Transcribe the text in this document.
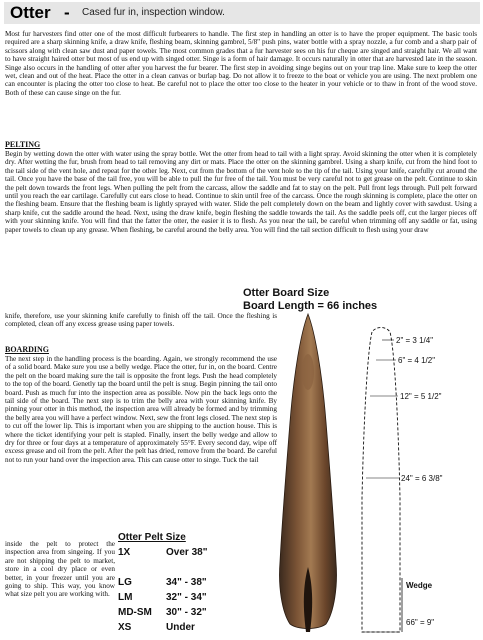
Otter - Cased fur in, inspection window.

Most fur harvesters find otter one of the most difficult furbearers to handle. The first step in handling an otter is to have the proper equipment. The basic tools required are a sharp skinning knife, a draw knife, fleshing beam, skinning gambrel, 5/8" push pins, water bottle with a spray nozzle, a fur comb and a sharp pair of scissors along with clean saw dust and paper towels. The most common grades that a fur harvester sees on his fur cheque are singed and straight hair. We all want to have straight haired otter but most of us end up with singed otter. Singe is a form of hair damage. It occurs naturally in otter that are harvested late in the season. Singe also occurs in the handling of otter after you harvest the fur bearer. The first step in avoiding singe begins out on your trap line. Make sure to keep the otter wet, clean and out of the heat. Place the otter in a clean canvas or burlap bag. Do not allow it to freeze to the boat or vehicle you are using. The next problem one can encounter is placing the otter too close to heat. Be careful not to place the otter too close to the heater in your vehicle or to thaw in front of the wood stove. Both of these can cause singe on the fur.

PELTING

Begin by wetting down the otter with water using the spray bottle. Wet the otter from head to tail with a light spray. Avoid skinning the otter when it is completely dry. After wetting the fur, brush from head to tail removing any dirt or mats. Place the otter on the skinning gambrel. Using a sharp knife, cut from the hind foot to the tail side of the vent hole, and repeat for the other leg. Next, cut from the bottom of the vent hole to the tip of the tail. Using your knife, carefully cut around the tail. Once you have the base of the tail free, you will be able to pull the fur free of the tail. You must be very careful not to get grease on the pelt. Continue to skin the pelt down towards the front legs. When pulling the pelt from the carcass, allow the saddle and fat to stay on the pelt. Pull front legs through. Pull pelt forward until you reach the ear cartilage. Carefully cut ears close to head. Continue to skin until free of the carcass. Once the rough skinning is complete, place the otter on the fleshing beam. Ensure that the fleshing beam is lightly sprayed with water. Slide the pelt completely down on the beam and lightly cover with sawdust. Using a sharp knife, cut the saddle around the head. Next, using the draw knife, begin fleshing the saddle towards the tail. As the saddle peels off, cut the larger pieces off with your skinning knife. You will find that the fatter the otter, the easier it is to flesh. As you near the tail, be careful when trimming off any saddle or fat, using paper towels to clean up any grease. When fleshing, be careful around the belly area. You will find the tail section difficult to flesh using your draw

knife, therefore, use your skinning knife carefully to finish off the tail. Once the fleshing is completed, clean off any excess grease using paper towels.

Otter Board Size
Board Length = 66 inches
BOARDING

The next step in the handling process is the boarding. Again, we strongly recommend the use of a solid board. Make sure you use a belly wedge. Place the otter, fur in, on the board. Centre the pelt on the board making sure the tail is opposite the front legs. Push the head completely to the top of the board. Genetly tap the board until the pelt is snug. Begin pinning the tail onto board. Push as much fur into the inspection area as possible. Now pin the back legs onto the tail side of the board. The next step is to trim the belly area with your skinning knife. By pinning your otter in this method, the inspection area will already be formed and by trimming the belly area you will have a perfect window. Next, sew the front legs closed. The next step is to cut off the lower lip. This is important when you are shipping to the auction house. This is where the ticket identifying your pelt is stapled. Finally, insert the belly wedge and allow to dry for three or four days at a temperature of approximately 55°F. Every second day, wipe off excess grease and oil from the pelt. After the pelt has dried, remove from the board. Be careful not to run your hand over the inspection area. This can cause otter to singe. Tuck the tail

inside the pelt to protect the inspection area from singeing. If you are not shipping the pelt to market, store in a cool dry place or even better, in your freezer until you are going to ship. This way, you know what size pelt you are working with.

Otter Pelt Size
1X	Over 38"

LG	34" - 38"
LM	32" - 34"
MD-SM	30" - 32"
XS	Under
2" = 3 1/4"
6" = 4 1/2"
12" = 5 1/2"
24" = 6 3/8"
Wedge
66" = 9"
